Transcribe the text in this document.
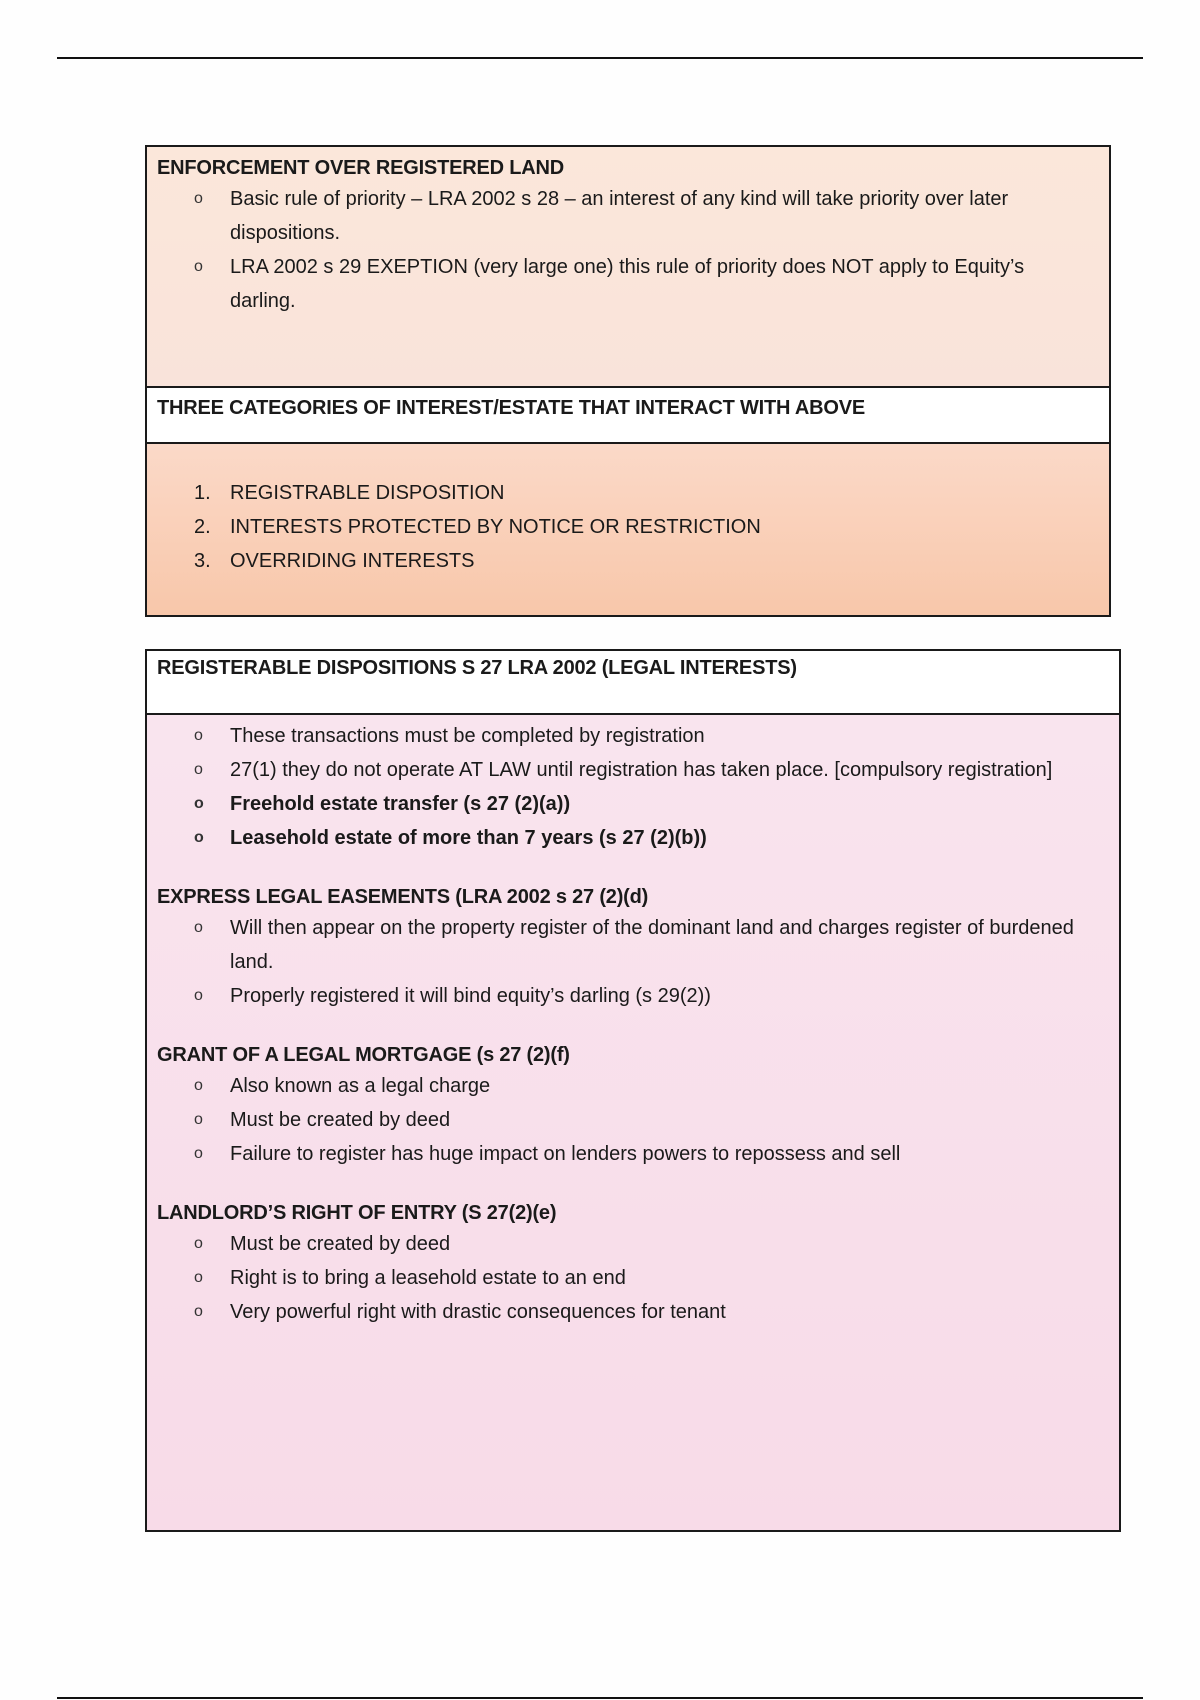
ENFORCEMENT OVER REGISTERED LAND

o Basic rule of priority – LRA 2002 s 28 – an interest of any kind will take priority over later dispositions.
o LRA 2002 s 29 EXEPTION (very large one) this rule of priority does NOT apply to Equity’s darling.

THREE CATEGORIES OF INTEREST/ESTATE THAT INTERACT WITH ABOVE

1. REGISTRABLE DISPOSITION
2. INTERESTS PROTECTED BY NOTICE OR RESTRICTION
3. OVERRIDING INTERESTS

REGISTERABLE DISPOSITIONS S 27 LRA 2002 (LEGAL INTERESTS)

o These transactions must be completed by registration
o 27(1) they do not operate AT LAW until registration has taken place. [compulsory registration]
o Freehold estate transfer (s 27 (2)(a))
o Leasehold estate of more than 7 years (s 27 (2)(b))

EXPRESS LEGAL EASEMENTS (LRA 2002 s 27 (2)(d)

o Will then appear on the property register of the dominant land and charges register of burdened land.
o Properly registered it will bind equity’s darling (s 29(2))

GRANT OF A LEGAL MORTGAGE (s 27 (2)(f)

o Also known as a legal charge
o Must be created by deed
o Failure to register has huge impact on lenders powers to repossess and sell

LANDLORD’S RIGHT OF ENTRY (S 27(2)(e)

o Must be created by deed
o Right is to bring a leasehold estate to an end
o Very powerful right with drastic consequences for tenant
